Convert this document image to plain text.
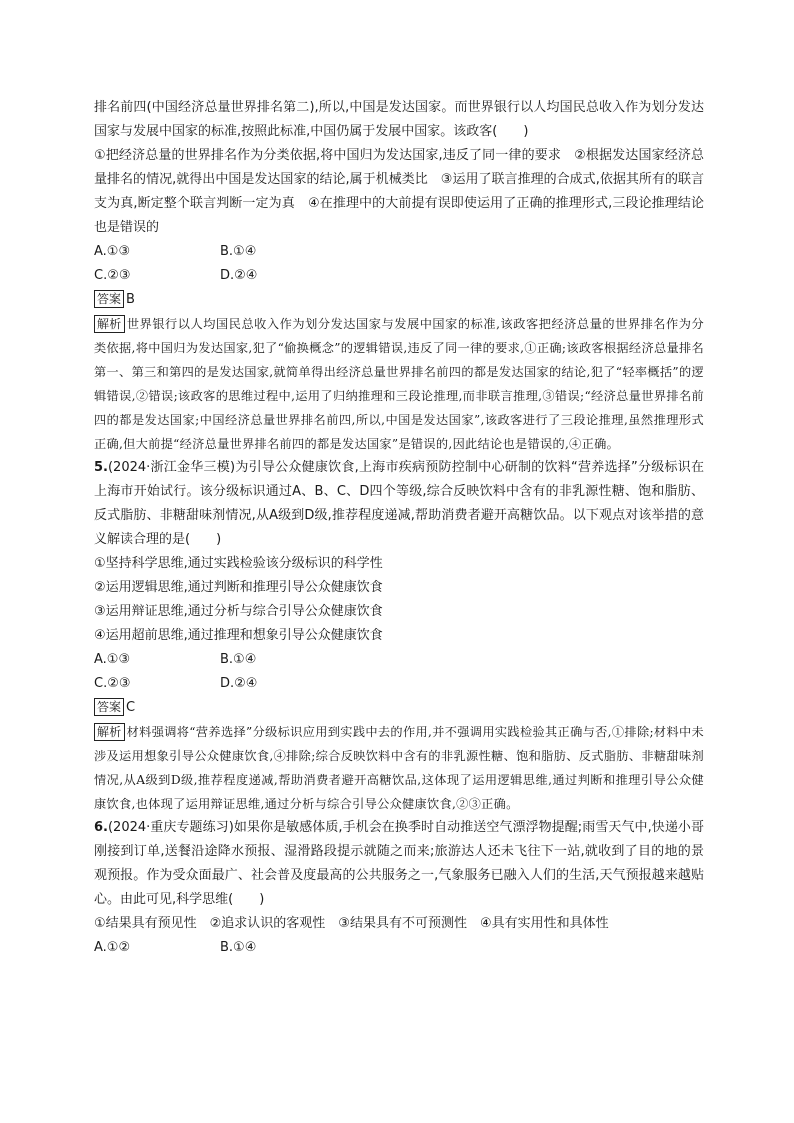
排名前四(中国经济总量世界排名第二),所以,中国是发达国家。而世界银行以人均国民总收入作为划分发达国家与发展中国家的标准,按照此标准,中国仍属于发展中国家。该政客(　　)

①把经济总量的世界排名作为分类依据,将中国归为发达国家,违反了同一律的要求　②根据发达国家经济总量排名的情况,就得出中国是发达国家的结论,属于机械类比　③运用了联言推理的合成式,依据其所有的联言支为真,断定整个联言判断一定为真　④在推理中的大前提有误即使运用了正确的推理形式,三段论推理结论也是错误的

A.①③	B.①④
C.②③	D.②④
答案 B

解析 世界银行以人均国民总收入作为划分发达国家与发展中国家的标准,该政客把经济总量的世界排名作为分类依据,将中国归为发达国家,犯了“偷换概念”的逻辑错误,违反了同一律的要求,①正确;该政客根据经济总量排名第一、第三和第四的是发达国家,就简单得出经济总量世界排名前四的都是发达国家的结论,犯了“轻率概括”的逻辑错误,②错误;该政客的思维过程中,运用了归纳推理和三段论推理,而非联言推理,③错误;“经济总量世界排名前四的都是发达国家;中国经济总量世界排名前四,所以,中国是发达国家”,该政客进行了三段论推理,虽然推理形式正确,但大前提“经济总量世界排名前四的都是发达国家”是错误的,因此结论也是错误的,④正确。

5.(2024·浙江金华三模)为引导公众健康饮食,上海市疾病预防控制中心研制的饮料“营养选择”分级标识在上海市开始试行。该分级标识通过A、B、C、D四个等级,综合反映饮料中含有的非乳源性糖、饱和脂肪、反式脂肪、非糖甜味剂情况,从A级到D级,推荐程度递减,帮助消费者避开高糖饮品。以下观点对该举措的意义解读合理的是(　　)

①坚持科学思维,通过实践检验该分级标识的科学性

②运用逻辑思维,通过判断和推理引导公众健康饮食

③运用辩证思维,通过分析与综合引导公众健康饮食

④运用超前思维,通过推理和想象引导公众健康饮食

A.①③	B.①④
C.②③	D.②④
答案 C

解析 材料强调将“营养选择”分级标识应用到实践中去的作用,并不强调用实践检验其正确与否,①排除;材料中未涉及运用想象引导公众健康饮食,④排除;综合反映饮料中含有的非乳源性糖、饱和脂肪、反式脂肪、非糖甜味剂情况,从A级到D级,推荐程度递减,帮助消费者避开高糖饮品,这体现了运用逻辑思维,通过判断和推理引导公众健康饮食,也体现了运用辩证思维,通过分析与综合引导公众健康饮食,②③正确。

6.(2024·重庆专题练习)如果你是敏感体质,手机会在换季时自动推送空气漂浮物提醒;雨雪天气中,快递小哥刚接到订单,送餐沿途降水预报、湿滑路段提示就随之而来;旅游达人还未飞往下一站,就收到了目的地的景观预报。作为受众面最广、社会普及度最高的公共服务之一,气象服务已融入人们的生活,天气预报越来越贴心。由此可见,科学思维(　　)

①结果具有预见性　②追求认识的客观性　③结果具有不可预测性　④具有实用性和具体性

A.①②	B.①④
